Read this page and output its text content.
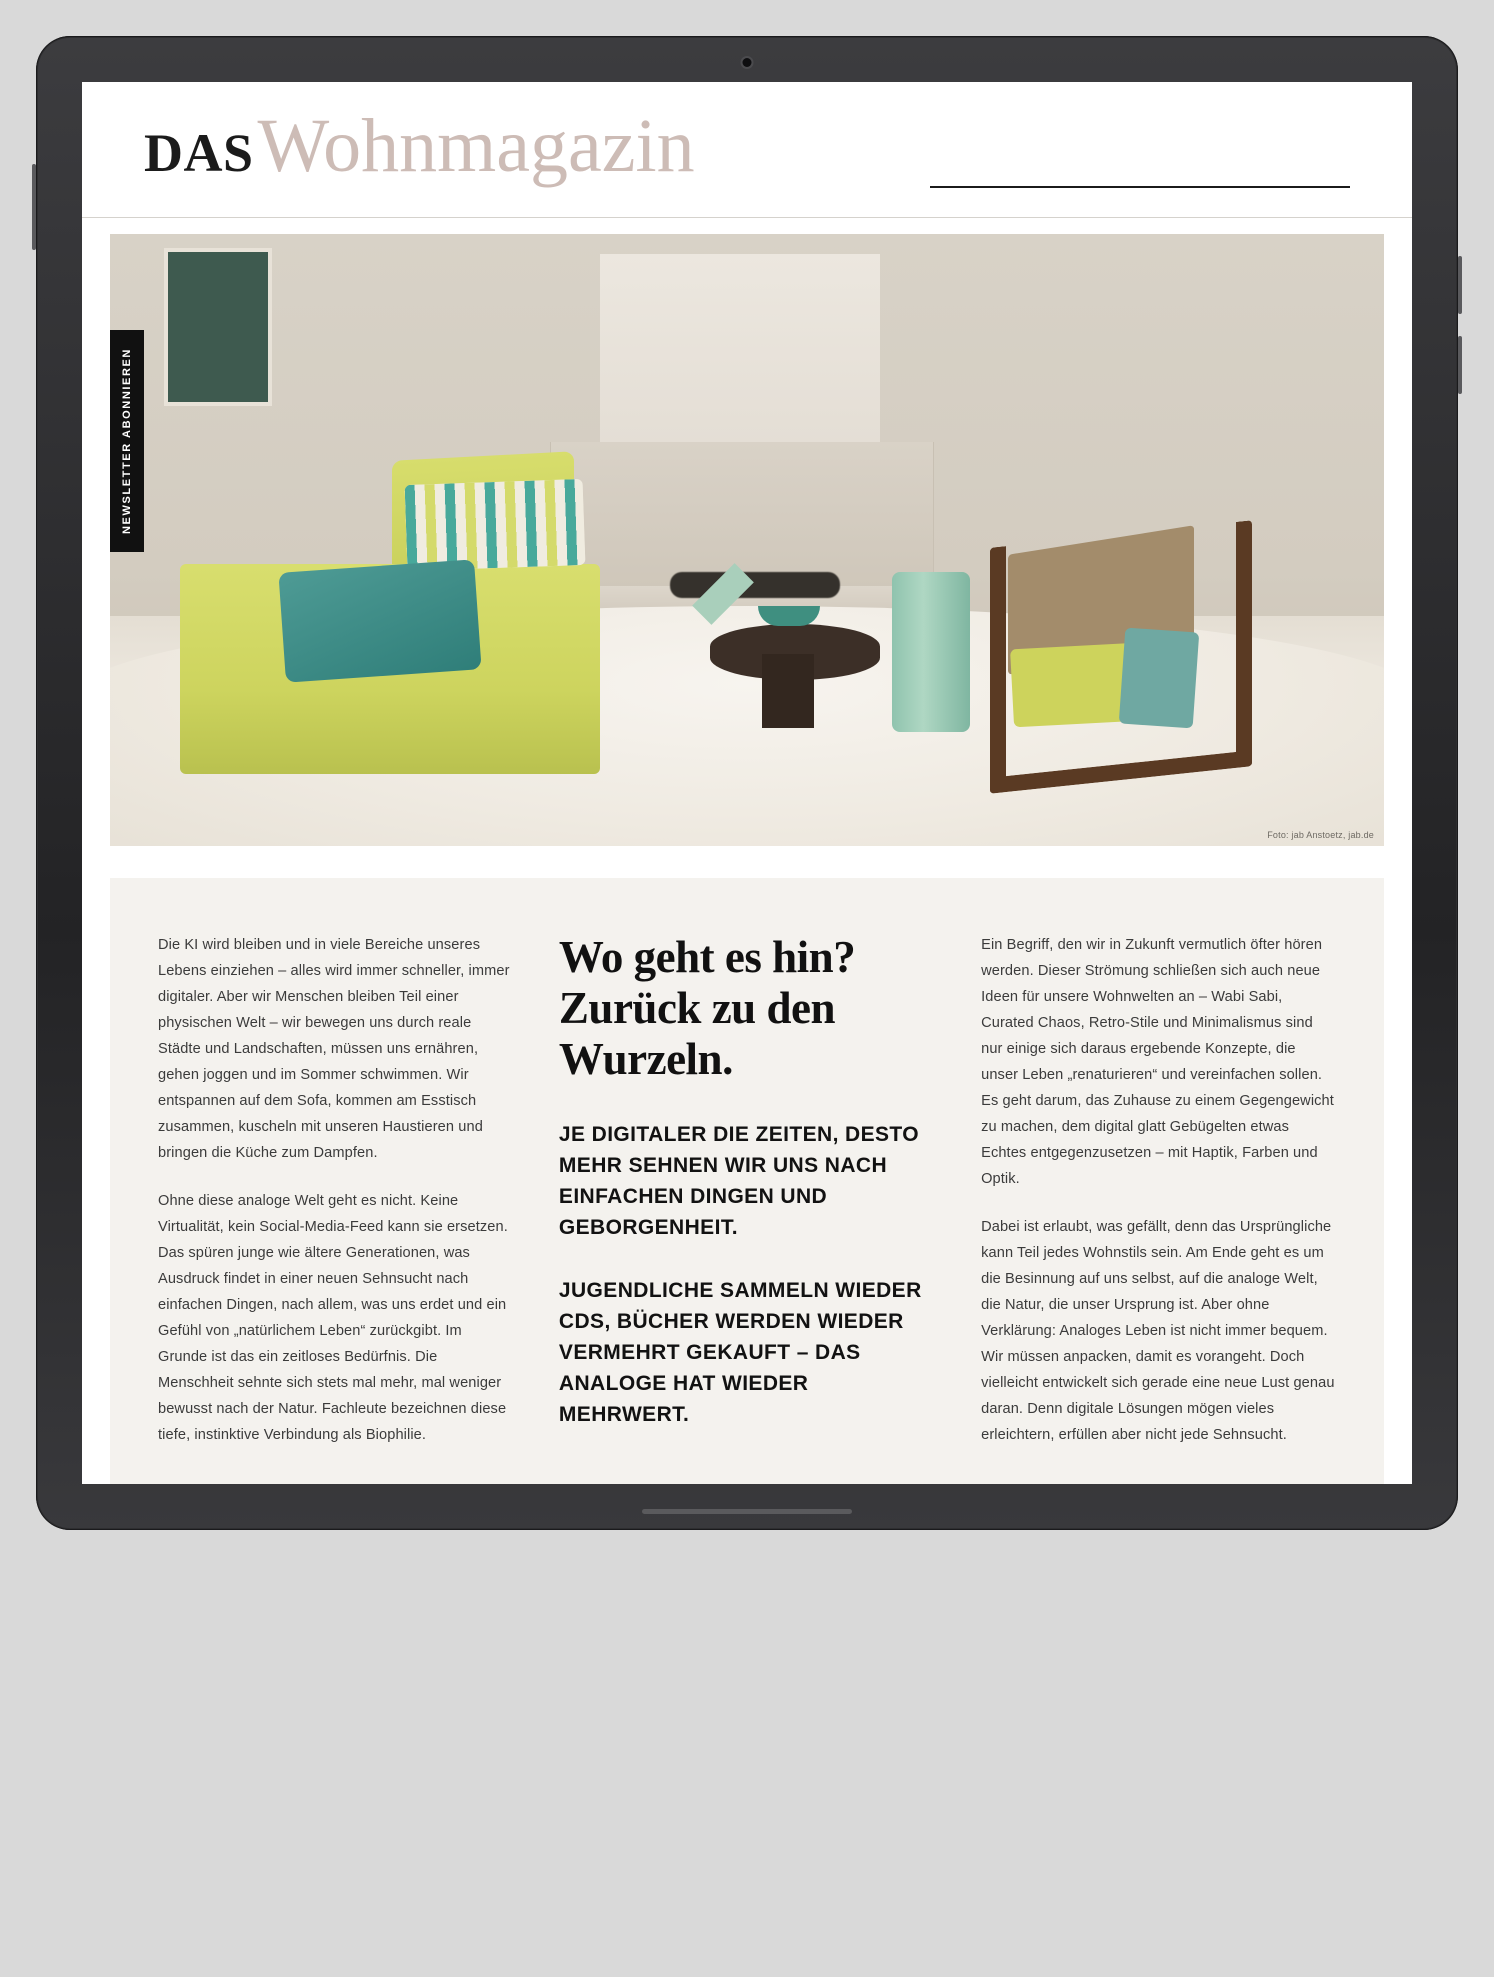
DASWohnmagazin
Foto: jab Anstoetz, jab.de
NEWSLETTER ABONNIEREN

Die KI wird bleiben und in viele Bereiche unseres Lebens einziehen – alles wird immer schneller, immer digitaler. Aber wir Menschen bleiben Teil einer physischen Welt – wir bewegen uns durch reale Städte und Landschaften, müssen uns ernähren, gehen joggen und im Sommer schwimmen. Wir entspannen auf dem Sofa, kommen am Esstisch zusammen, kuscheln mit unseren Haustieren und bringen die Küche zum Dampfen.

Ohne diese analoge Welt geht es nicht. Keine Virtualität, kein Social-Media-Feed kann sie ersetzen. Das spüren junge wie ältere Generationen, was Ausdruck findet in einer neuen Sehnsucht nach einfachen Dingen, nach allem, was uns erdet und ein Gefühl von „natürlichem Leben“ zurückgibt. Im Grunde ist das ein zeitloses Bedürfnis. Die Menschheit sehnte sich stets mal mehr, mal weniger bewusst nach der Natur. Fachleute bezeichnen diese tiefe, instinktive Verbindung als Biophilie.

Wo geht es hin? Zurück zu den Wurzeln.

JE DIGITALER DIE ZEITEN, DESTO MEHR SEHNEN WIR UNS NACH EINFACHEN DINGEN UND GEBORGENHEIT.

JUGENDLICHE SAMMELN WIEDER CDS, BÜCHER WERDEN WIEDER VERMEHRT GEKAUFT – DAS ANALOGE HAT WIEDER MEHRWERT.

Ein Begriff, den wir in Zukunft vermutlich öfter hören werden. Dieser Strömung schließen sich auch neue Ideen für unsere Wohnwelten an – Wabi Sabi, Curated Chaos, Retro-Stile und Minimalismus sind nur einige sich daraus ergebende Konzepte, die unser Leben „renaturieren“ und vereinfachen sollen. Es geht darum, das Zuhause zu einem Gegengewicht zu machen, dem digital glatt Gebügelten etwas Echtes entgegenzusetzen – mit Haptik, Farben und Optik.

Dabei ist erlaubt, was gefällt, denn das Ursprüngliche kann Teil jedes Wohnstils sein. Am Ende geht es um die Besinnung auf uns selbst, auf die analoge Welt, die Natur, die unser Ursprung ist. Aber ohne Verklärung: Analoges Leben ist nicht immer bequem. Wir müssen anpacken, damit es vorangeht. Doch vielleicht entwickelt sich gerade eine neue Lust genau daran. Denn digitale Lösungen mögen vieles erleichtern, erfüllen aber nicht jede Sehnsucht.
